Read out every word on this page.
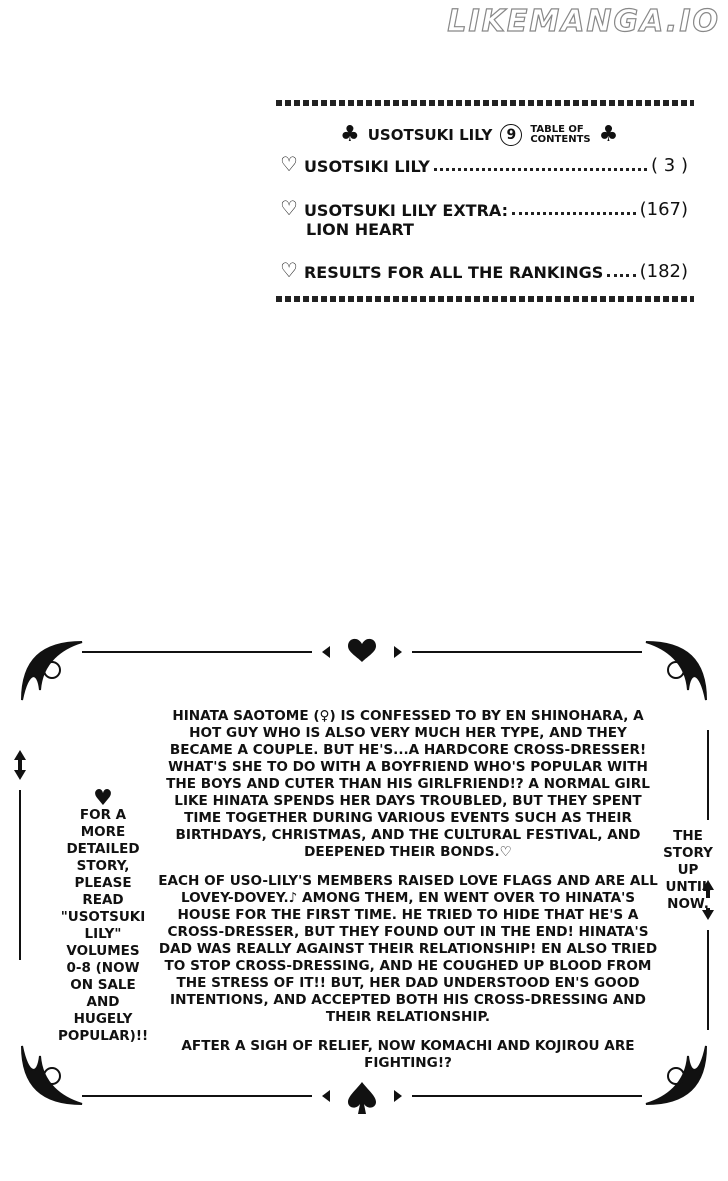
LIKEMANGA.IO
♣ USOTSUKI LILY	9	TABLE OF
CONTENTS ♣
♡ USOTSIKI LILY	( 3 )
♡ USOTSUKI LILY EXTRA:	(167)
LION HEART
♡ RESULTS FOR ALL THE RANKINGS (182)
♥
FOR A
MORE
DETAILED
STORY,
PLEASE
READ
"USOTSUKI
LILY"
VOLUMES
0-8 (NOW
ON SALE
AND
HUGELY
POPULAR)!!
THE
STORY
UP
UNTIL
NOW.

HINATA SAOTOME (♀) IS CONFESSED TO BY EN SHINOHARA, A HOT GUY WHO IS ALSO VERY MUCH HER TYPE, AND THEY BECAME A COUPLE. BUT HE'S...A HARDCORE CROSS-DRESSER! WHAT'S SHE TO DO WITH A BOYFRIEND WHO'S POPULAR WITH THE BOYS AND CUTER THAN HIS GIRLFRIEND!? A NORMAL GIRL LIKE HINATA SPENDS HER DAYS TROUBLED, BUT THEY SPENT TIME TOGETHER DURING VARIOUS EVENTS SUCH AS THEIR BIRTHDAYS, CHRISTMAS, AND THE CULTURAL FESTIVAL, AND DEEPENED THEIR BONDS.♡

EACH OF USO-LILY'S MEMBERS RAISED LOVE FLAGS AND ARE ALL LOVEY-DOVEY.♪ AMONG THEM, EN WENT OVER TO HINATA'S HOUSE FOR THE FIRST TIME. HE TRIED TO HIDE THAT HE'S A CROSS-DRESSER, BUT THEY FOUND OUT IN THE END! HINATA'S DAD WAS REALLY AGAINST THEIR RELATIONSHIP! EN ALSO TRIED TO STOP CROSS-DRESSING, AND HE COUGHED UP BLOOD FROM THE STRESS OF IT!! BUT, HER DAD UNDERSTOOD EN'S GOOD INTENTIONS, AND ACCEPTED BOTH HIS CROSS-DRESSING AND THEIR RELATIONSHIP.

AFTER A SIGH OF RELIEF, NOW KOMACHI AND KOJIROU ARE FIGHTING!?
